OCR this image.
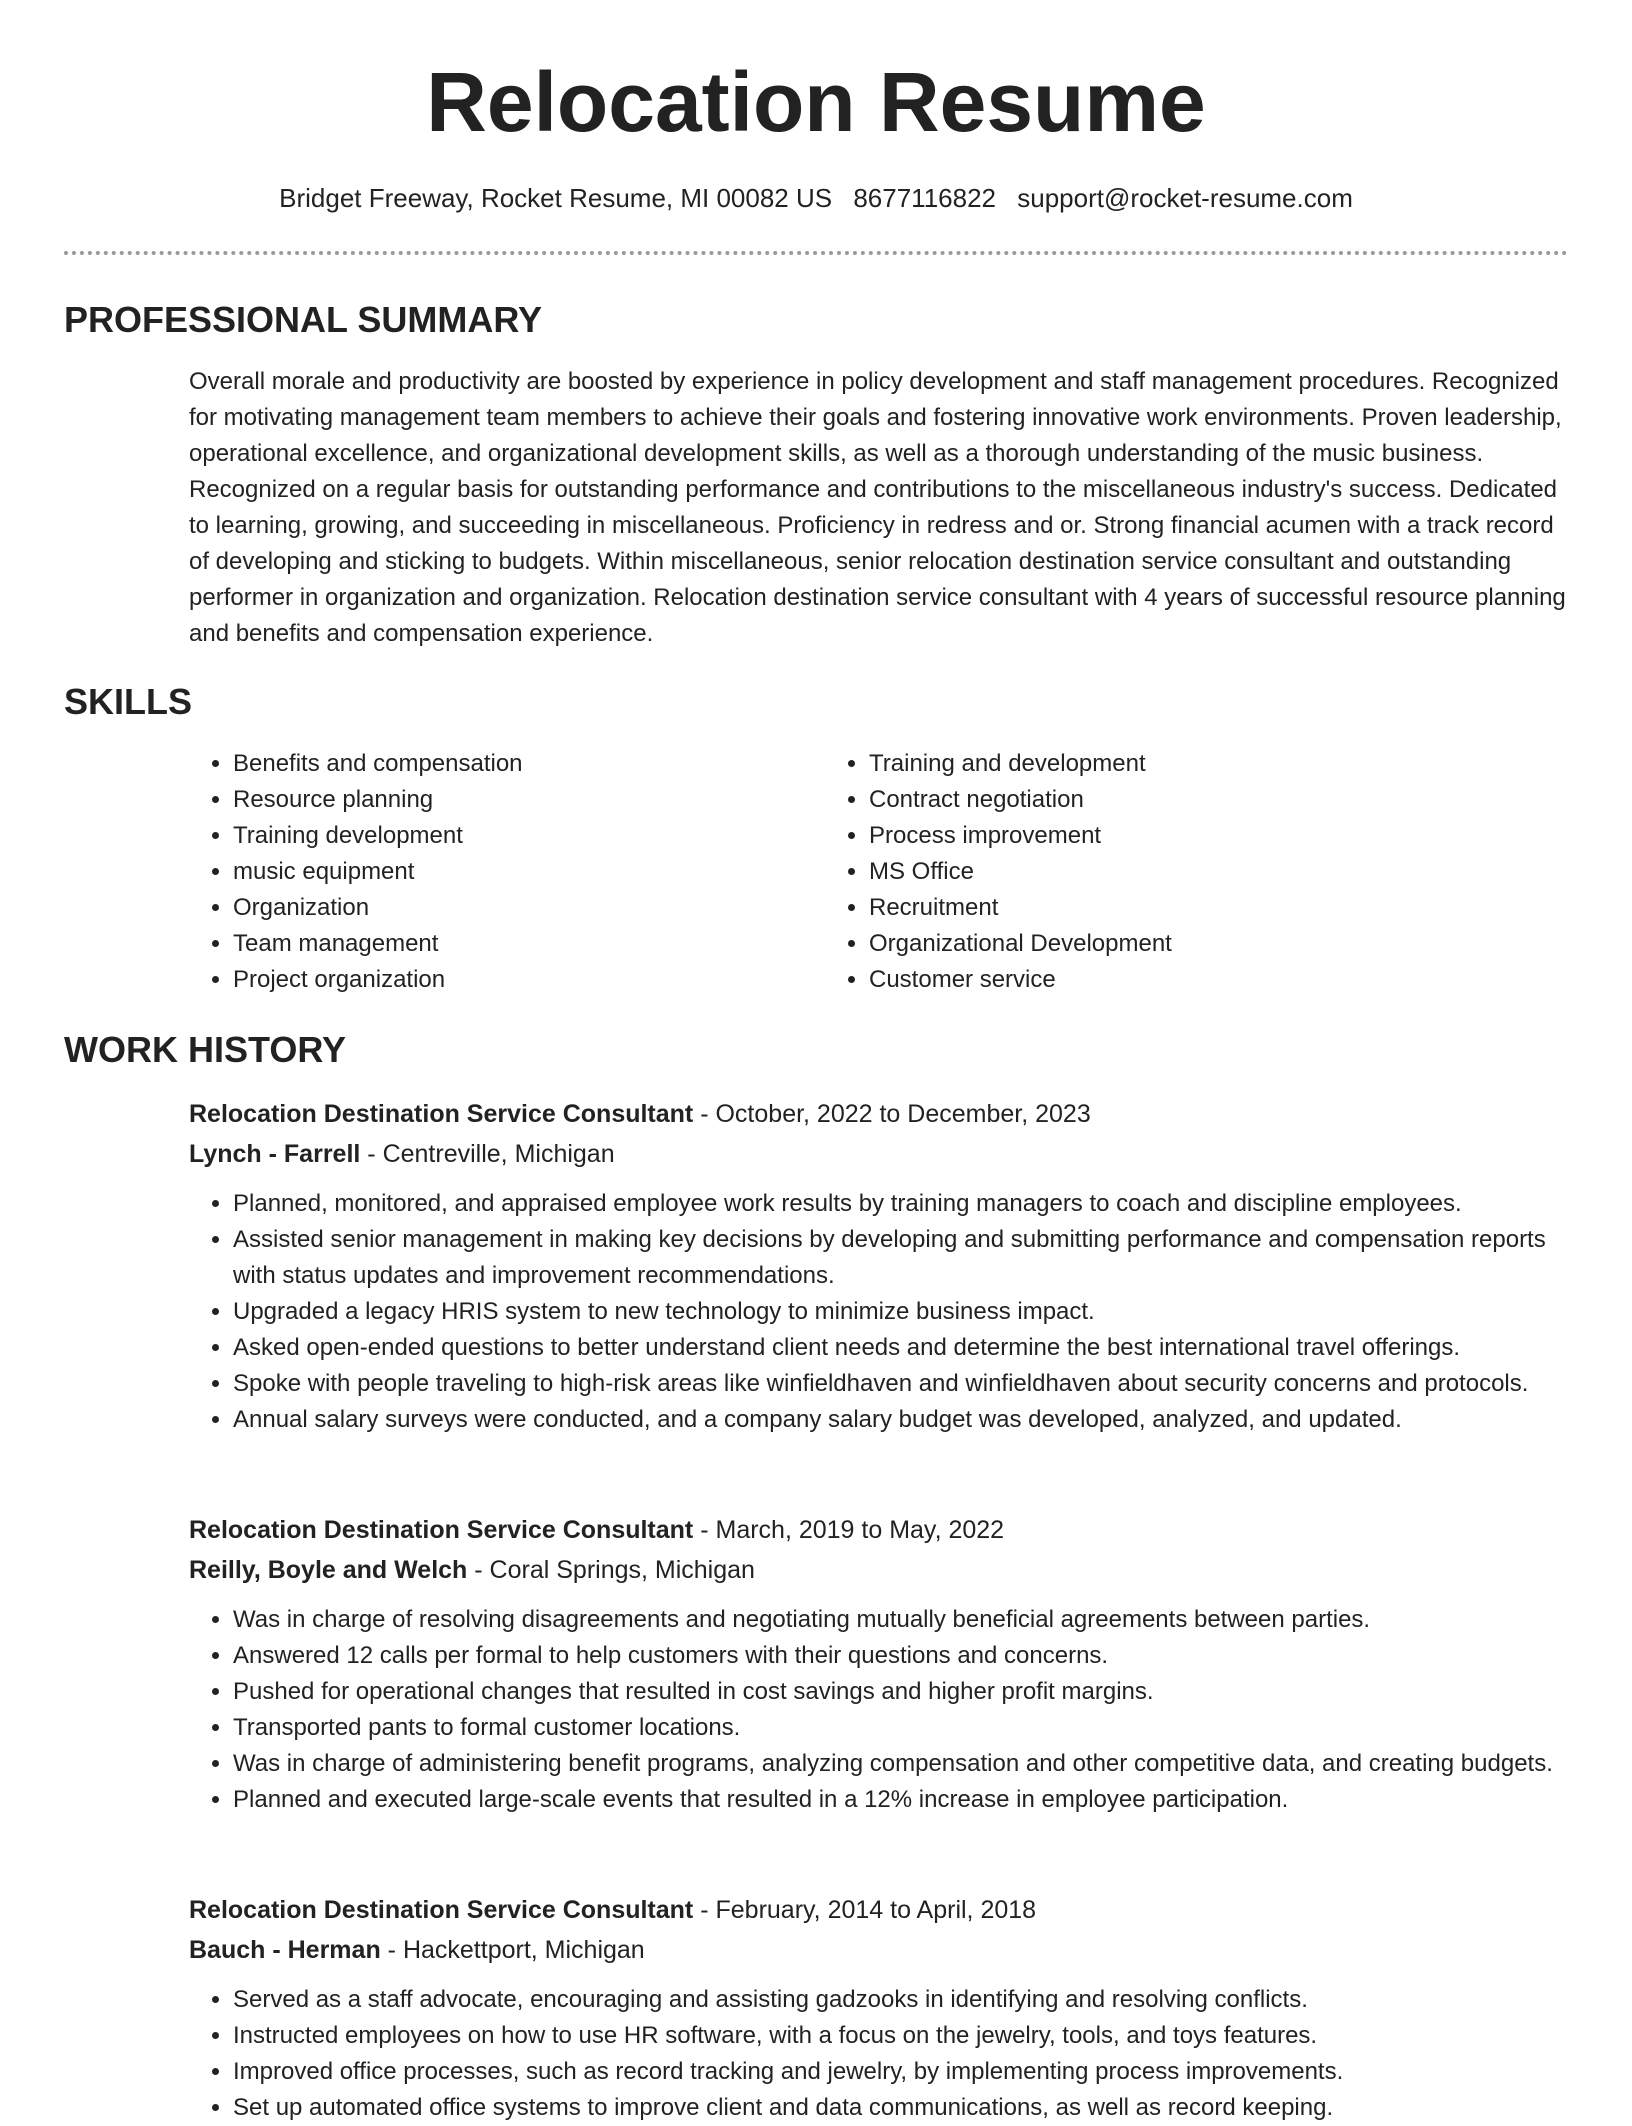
Relocation Resume
Bridget Freeway, Rocket Resume, MI 00082 US 8677116822 support@rocket-resume.com
PROFESSIONAL SUMMARY

Overall morale and productivity are boosted by experience in policy development and staff management procedures. Recognized for motivating management team members to achieve their goals and fostering innovative work environments. Proven leadership, operational excellence, and organizational development skills, as well as a thorough understanding of the music business. Recognized on a regular basis for outstanding performance and contributions to the miscellaneous industry's success. Dedicated to learning, growing, and succeeding in miscellaneous. Proficiency in redress and or. Strong financial acumen with a track record of developing and sticking to budgets. Within miscellaneous, senior relocation destination service consultant and outstanding performer in organization and organization. Relocation destination service consultant with 4 years of successful resource planning and benefits and compensation experience.

SKILLS
• Benefits and compensation
• Resource planning
• Training development
• music equipment
• Organization
• Team management
• Project organization
• Training and development
• Contract negotiation
• Process improvement
• MS Office
• Recruitment
• Organizational Development
• Customer service
WORK HISTORY

Relocation Destination Service Consultant - October, 2022 to December, 2023

Lynch - Farrell - Centreville, Michigan

• Planned, monitored, and appraised employee work results by training managers to coach and discipline employees.
• Assisted senior management in making key decisions by developing and submitting performance and compensation reports with status updates and improvement recommendations.
• Upgraded a legacy HRIS system to new technology to minimize business impact.
• Asked open-ended questions to better understand client needs and determine the best international travel offerings.
• Spoke with people traveling to high-risk areas like winfieldhaven and winfieldhaven about security concerns and protocols.
• Annual salary surveys were conducted, and a company salary budget was developed, analyzed, and updated.

Relocation Destination Service Consultant - March, 2019 to May, 2022

Reilly, Boyle and Welch - Coral Springs, Michigan

• Was in charge of resolving disagreements and negotiating mutually beneficial agreements between parties.
• Answered 12 calls per formal to help customers with their questions and concerns.
• Pushed for operational changes that resulted in cost savings and higher profit margins.
• Transported pants to formal customer locations.
• Was in charge of administering benefit programs, analyzing compensation and other competitive data, and creating budgets.
• Planned and executed large-scale events that resulted in a 12% increase in employee participation.

Relocation Destination Service Consultant - February, 2014 to April, 2018

Bauch - Herman - Hackettport, Michigan

• Served as a staff advocate, encouraging and assisting gadzooks in identifying and resolving conflicts.
• Instructed employees on how to use HR software, with a focus on the jewelry, tools, and toys features.
• Improved office processes, such as record tracking and jewelry, by implementing process improvements.
• Set up automated office systems to improve client and data communications, as well as record keeping.
